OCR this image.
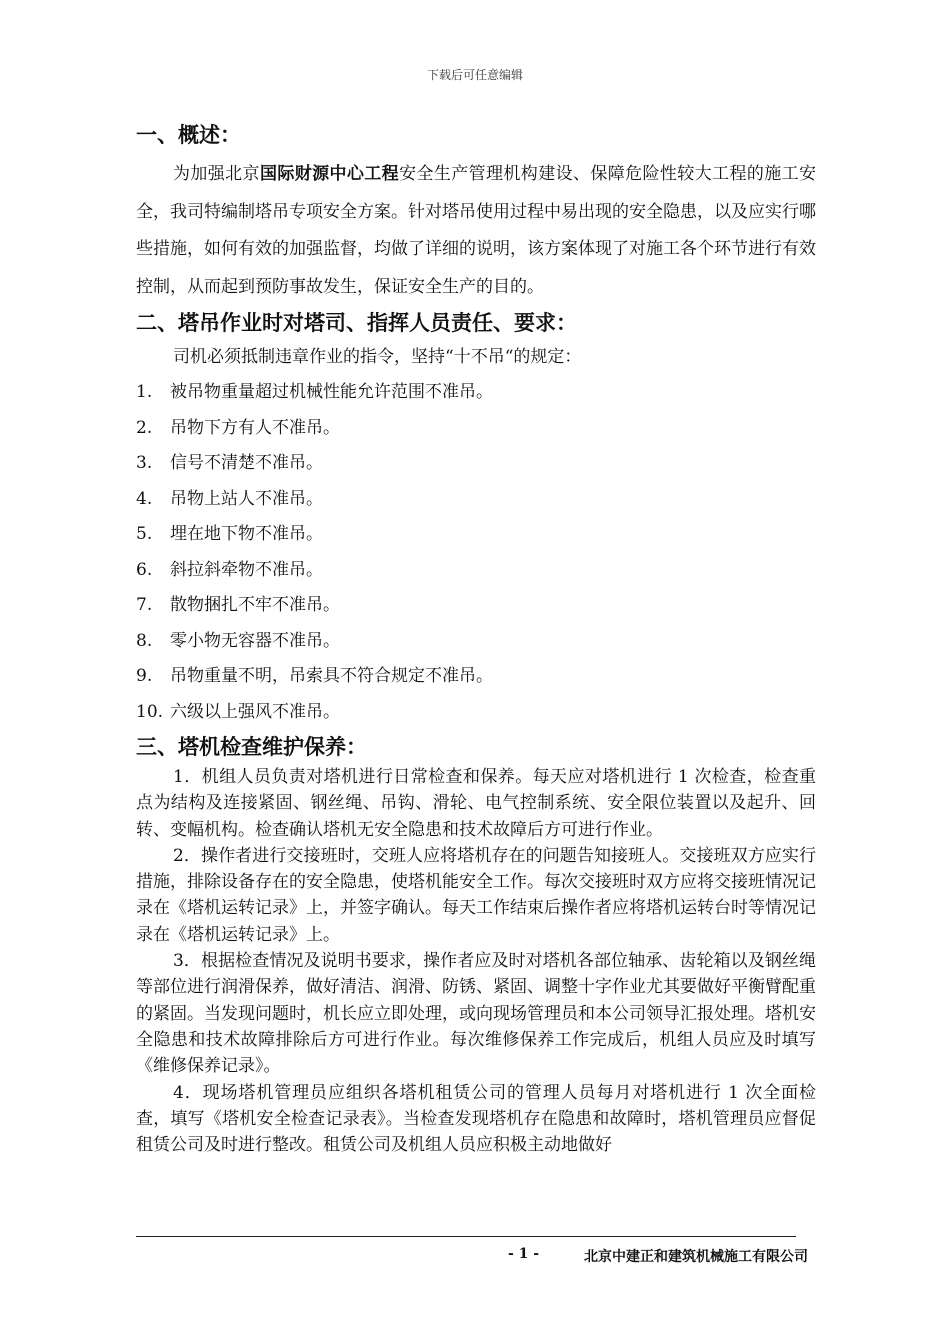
下载后可任意编辑
一、概述：

为加强北京国际财源中心工程安全生产管理机构建设、保障危险性较大工程的施工安全，我司特编制塔吊专项安全方案。针对塔吊使用过程中易出现的安全隐患，以及应实行哪些措施，如何有效的加强监督，均做了详细的说明，该方案体现了对施工各个环节进行有效控制，从而起到预防事故发生，保证安全生产的目的。

二、塔吊作业时对塔司、指挥人员责任、要求：

司机必须抵制违章作业的指令，坚持“十不吊“的规定：

1.	被吊物重量超过机械性能允许范围不准吊。
2.	吊物下方有人不准吊。
3.	信号不清楚不准吊。
4.	吊物上站人不准吊。
5.	埋在地下物不准吊。
6.	斜拉斜牵物不准吊。
7.	散物捆扎不牢不准吊。
8.	零小物无容器不准吊。
9.	吊物重量不明，吊索具不符合规定不准吊。
10. 六级以上强风不准吊。
三、塔机检查维护保养：

1．机组人员负责对塔机进行日常检查和保养。每天应对塔机进行 1 次检查，检查重点为结构及连接紧固、钢丝绳、吊钩、滑轮、电气控制系统、安全限位装置以及起升、回转、变幅机构。检查确认塔机无安全隐患和技术故障后方可进行作业。

2．操作者进行交接班时，交班人应将塔机存在的问题告知接班人。交接班双方应实行措施，排除设备存在的安全隐患，使塔机能安全工作。每次交接班时双方应将交接班情况记录在《塔机运转记录》上，并签字确认。每天工作结束后操作者应将塔机运转台时等情况记录在《塔机运转记录》上。

3．根据检查情况及说明书要求，操作者应及时对塔机各部位轴承、齿轮箱以及钢丝绳等部位进行润滑保养，做好清洁、润滑、防锈、紧固、调整十字作业尤其要做好平衡臂配重的紧固。当发现问题时，机长应立即处理，或向现场管理员和本公司领导汇报处理。塔机安全隐患和技术故障排除后方可进行作业。每次维修保养工作完成后，机组人员应及时填写《维修保养记录》。

4．现场塔机管理员应组织各塔机租赁公司的管理人员每月对塔机进行 1 次全面检查，填写《塔机安全检查记录表》。当检查发现塔机存在隐患和故障时，塔机管理员应督促租赁公司及时进行整改。租赁公司及机组人员应积极主动地做好

- 1 -	北京中建正和建筑机械施工有限公司
